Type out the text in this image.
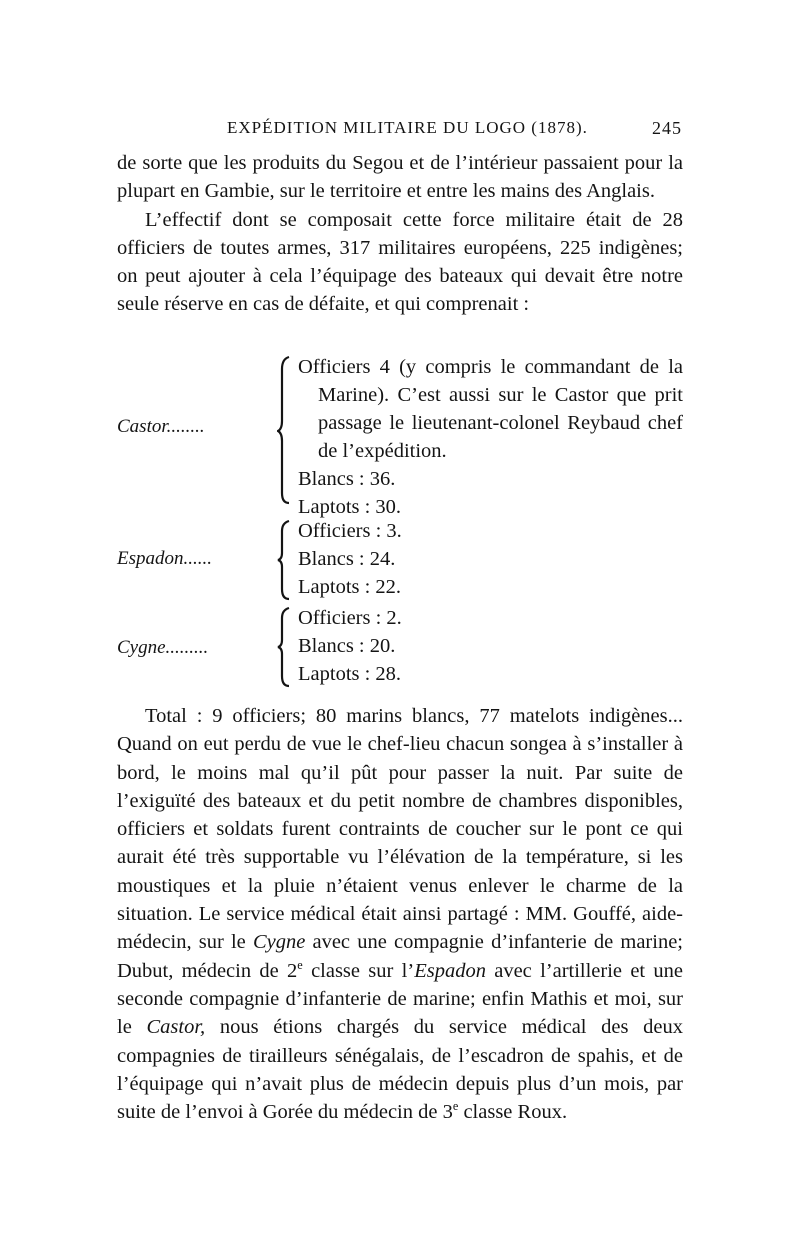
EXPÉDITION MILITAIRE DU LOGO (1878).	245

de sorte que les produits du Segou et de l’intérieur passaient pour la plupart en Gambie, sur le territoire et entre les mains des Anglais.

L’effectif dont se composait cette force militaire était de 28 officiers de toutes armes, 317 militaires européens, 225 indigènes; on peut ajouter à cela l’équipage des bateaux qui devait être notre seule réserve en cas de défaite, et qui comprenait :

Castor........
Officiers 4 (y compris le commandant de la Marine). C’est aussi sur le Castor que prit passage le lieutenant-colonel Reybaud chef de l’expédition.
Blancs : 36.
Laptots : 30.
Espadon......
Officiers : 3.
Blancs : 24.
Laptots : 22.
Cygne.........
Officiers : 2.
Blancs : 20.
Laptots : 28.

Total : 9 officiers; 80 marins blancs, 77 matelots indigènes... Quand on eut perdu de vue le chef-lieu chacun songea à s’installer à bord, le moins mal qu’il pût pour passer la nuit. Par suite de l’exiguïté des bateaux et du petit nombre de chambres disponibles, officiers et soldats furent contraints de coucher sur le pont ce qui aurait été très supportable vu l’élévation de la température, si les moustiques et la pluie n’étaient venus enlever le charme de la situation. Le service médical était ainsi partagé : MM. Gouffé, aide-médecin, sur le Cygne avec une compagnie d’infanterie de marine; Dubut, médecin de 2e classe sur l’Espadon avec l’artillerie et une seconde compagnie d’infanterie de marine; enfin Mathis et moi, sur le Castor, nous étions chargés du service médical des deux compagnies de tirailleurs sénégalais, de l’escadron de spahis, et de l’équipage qui n’avait plus de médecin depuis plus d’un mois, par suite de l’envoi à Gorée du médecin de 3e classe Roux.
